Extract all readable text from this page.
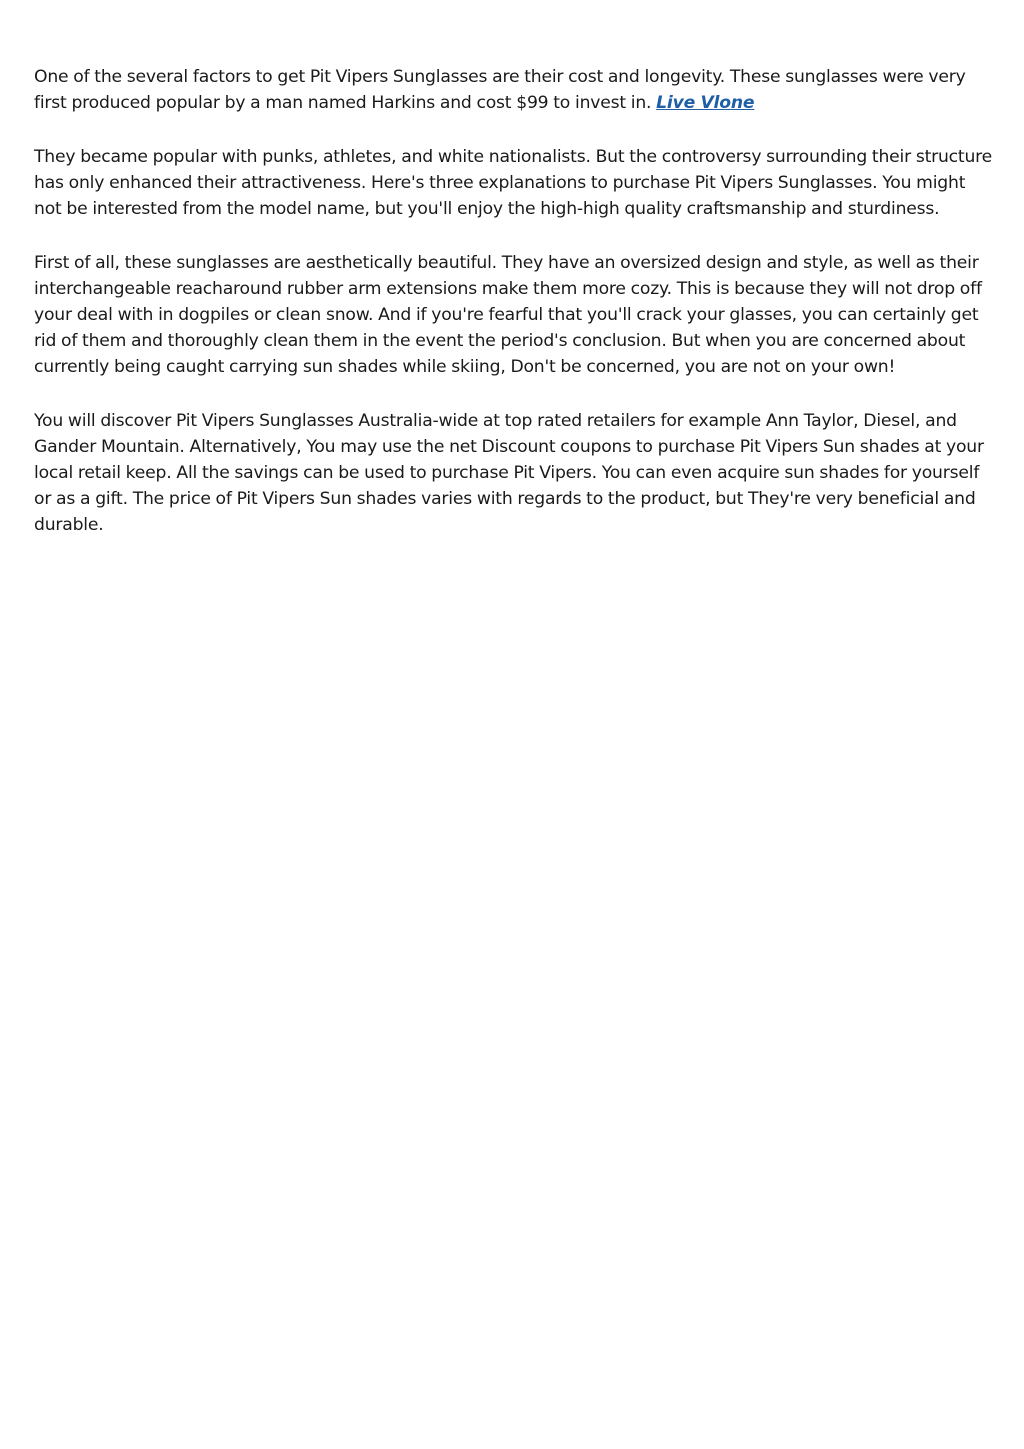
One of the several factors to get Pit Vipers Sunglasses are their cost and longevity. These sunglasses were very first produced popular by a man named Harkins and cost $99 to invest in. Live Vlone

They became popular with punks, athletes, and white nationalists. But the controversy surrounding their structure has only enhanced their attractiveness. Here's three explanations to purchase Pit Vipers Sunglasses. You might not be interested from the model name, but you'll enjoy the high-high quality craftsmanship and sturdiness.

First of all, these sunglasses are aesthetically beautiful. They have an oversized design and style, as well as their interchangeable reacharound rubber arm extensions make them more cozy. This is because they will not drop off your deal with in dogpiles or clean snow. And if you're fearful that you'll crack your glasses, you can certainly get rid of them and thoroughly clean them in the event the period's conclusion. But when you are concerned about currently being caught carrying sun shades while skiing, Don't be concerned, you are not on your own!

You will discover Pit Vipers Sunglasses Australia-wide at top rated retailers for example Ann Taylor, Diesel, and Gander Mountain. Alternatively, You may use the net Discount coupons to purchase Pit Vipers Sun shades at your local retail keep. All the savings can be used to purchase Pit Vipers. You can even acquire sun shades for yourself or as a gift. The price of Pit Vipers Sun shades varies with regards to the product, but They're very beneficial and durable.
